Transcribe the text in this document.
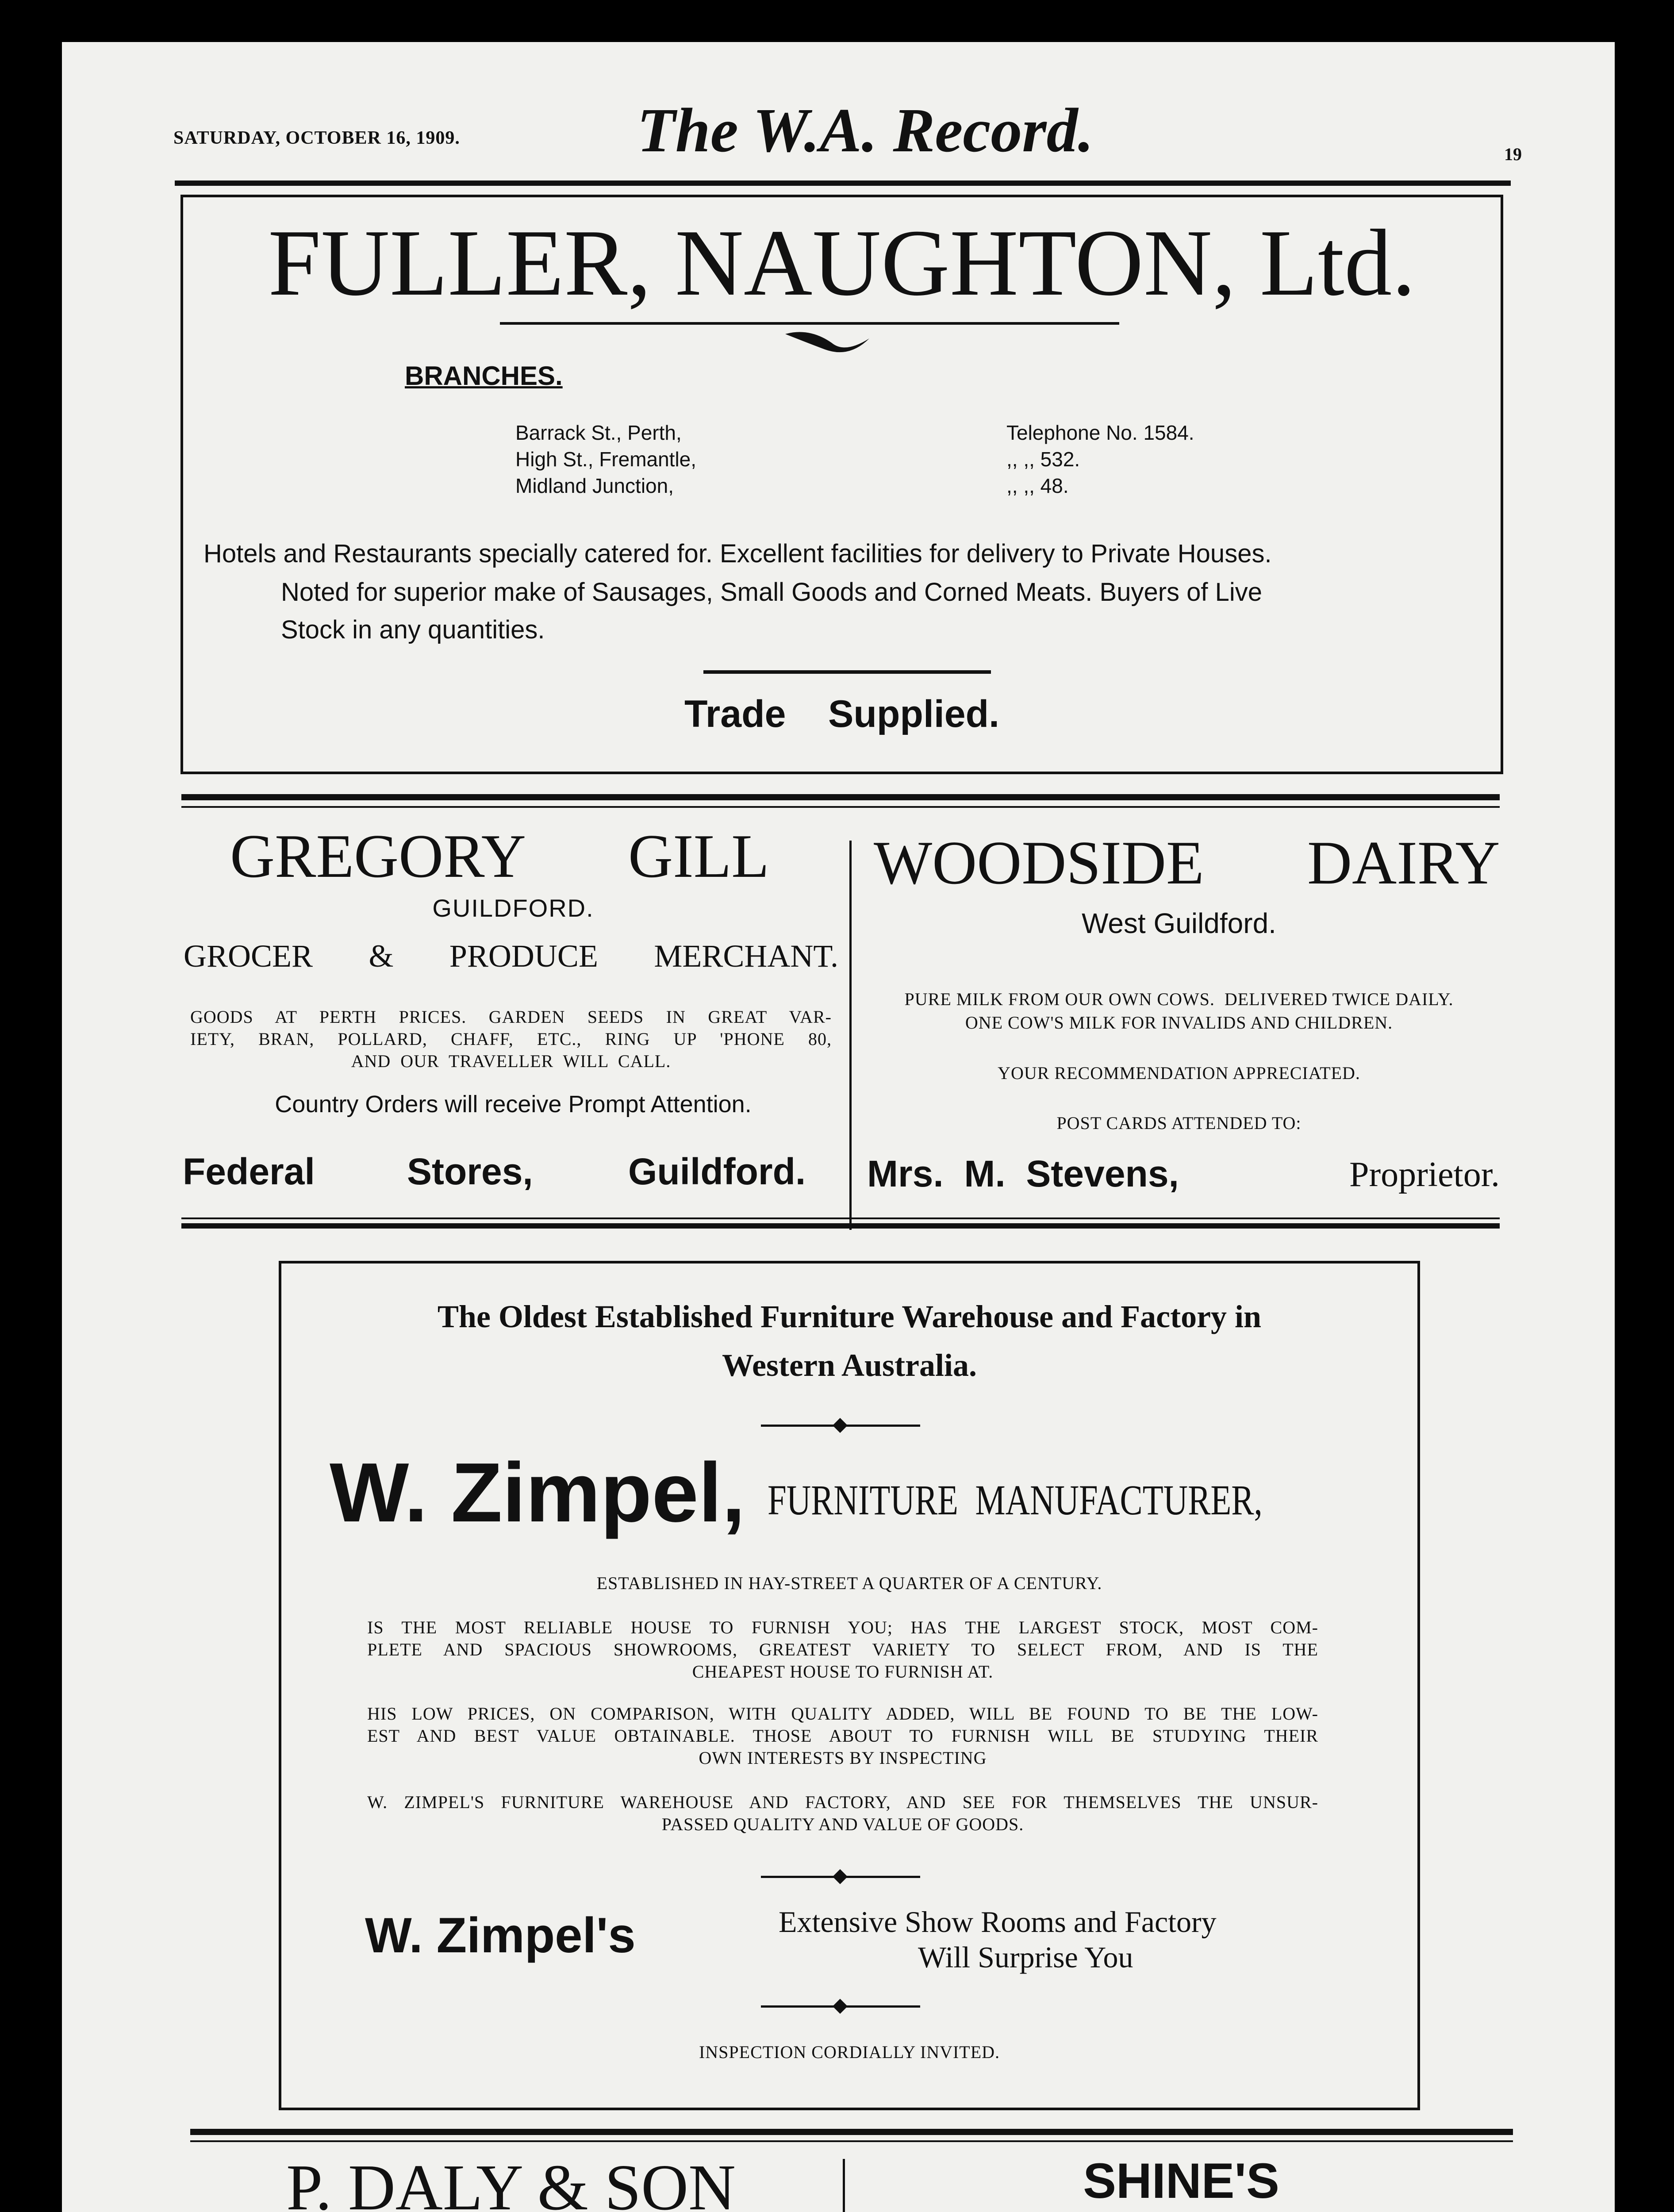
SATURDAY, OCTOBER 16, 1909.	The W.A. Record.	19
FULLER, NAUGHTON, Ltd.
BRANCHES.
Barrack St., Perth,	Telephone No. 1584.
High St., Fremantle,	,, ,, 532.
Midland Junction,	,, ,, 48.
Hotels and Restaurants specially catered for. Excellent facilities for delivery to Private Houses.
Noted for superior make of Sausages, Small Goods and Corned Meats. Buyers of Live
Stock in any quantities.
Trade    Supplied.
GREGORY GILL
GUILDFORD.
GROCER & PRODUCE MERCHANT.
GOODS AT PERTH PRICES. GARDEN SEEDS IN GREAT VAR-
IETY, BRAN, POLLARD, CHAFF, ETC., RING UP 'PHONE 80,
AND  OUR  TRAVELLER  WILL  CALL.
Country Orders will receive Prompt Attention.
Federal Stores,	Guildford.
WOODSIDE DAIRY
West Guildford.
PURE MILK FROM OUR OWN COWS.  DELIVERED TWICE DAILY.
ONE COW'S MILK FOR INVALIDS AND CHILDREN.
YOUR RECOMMENDATION APPRECIATED.
POST CARDS ATTENDED TO:
Mrs.  M.  Stevens,	Proprietor.
The Oldest Established Furniture Warehouse and Factory in
Western Australia.
W. Zimpel, FURNITURE  MANUFACTURER,
ESTABLISHED IN HAY-STREET A QUARTER OF A CENTURY.
IS THE MOST RELIABLE HOUSE TO FURNISH YOU; HAS THE LARGEST STOCK, MOST COM-
PLETE AND SPACIOUS SHOWROOMS, GREATEST VARIETY TO SELECT FROM, AND IS THE
CHEAPEST HOUSE TO FURNISH AT.
HIS LOW PRICES, ON COMPARISON, WITH QUALITY ADDED, WILL BE FOUND TO BE THE LOW-
EST AND BEST VALUE OBTAINABLE. THOSE ABOUT TO FURNISH WILL BE STUDYING THEIR
OWN INTERESTS BY INSPECTING
W. ZIMPEL'S FURNITURE WAREHOUSE AND FACTORY, AND SEE FOR THEMSELVES THE UNSUR-
PASSED QUALITY AND VALUE OF GOODS.
W. Zimpel's	Extensive Show Rooms and Factory
Will Surprise You
INSPECTION CORDIALLY INVITED.
P. DALY & SON	SHINE'S
